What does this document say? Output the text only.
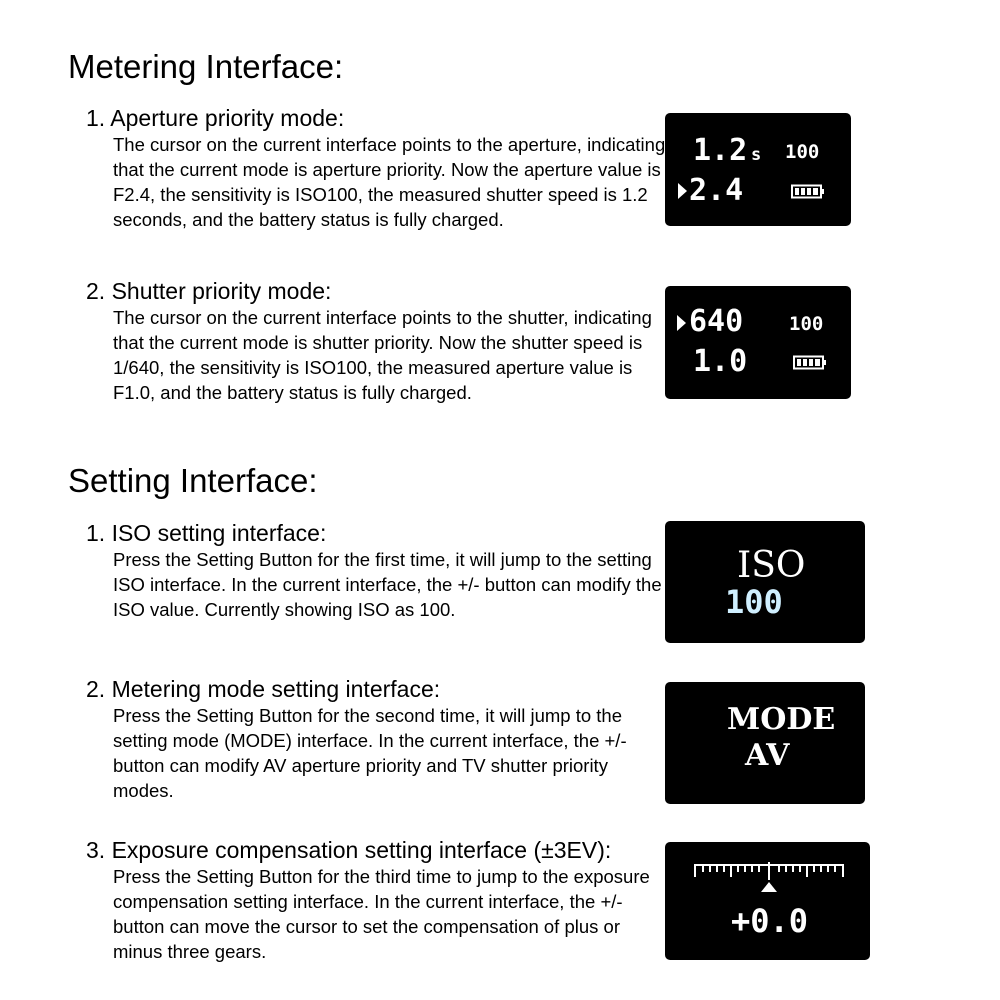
Metering Interface:

1. Aperture priority mode:

The cursor on the current interface points to the aperture, indicating that the current mode is aperture priority. Now the aperture value is F2.4, the sensitivity is ISO100, the measured shutter speed is 1.2 seconds, and the battery status is fully charged.

1.2 s 100
2.4

2. Shutter priority mode:

The cursor on the current interface points to the shutter, indicating that the current mode is shutter priority. Now the shutter speed is 1/640, the sensitivity is ISO100, the measured aperture value is F1.0, and the battery status is fully charged.

640 100
1.0
Setting Interface:

1. ISO setting interface:

Press the Setting Button for the first time, it will jump to the setting ISO interface. In the current interface, the +/- button can modify the ISO value. Currently showing ISO as 100.

ISO
100

2. Metering mode setting interface:

Press the Setting Button for the second time, it will jump to the setting mode (MODE) interface. In the current interface, the +/- button can modify AV aperture priority and TV shutter priority modes.

MODE
AV

3. Exposure compensation setting interface (±3EV):

Press the Setting Button for the third time to jump to the exposure compensation setting interface. In the current interface, the +/- button can move the cursor to set the compensation of plus or minus three gears.

+0.0
